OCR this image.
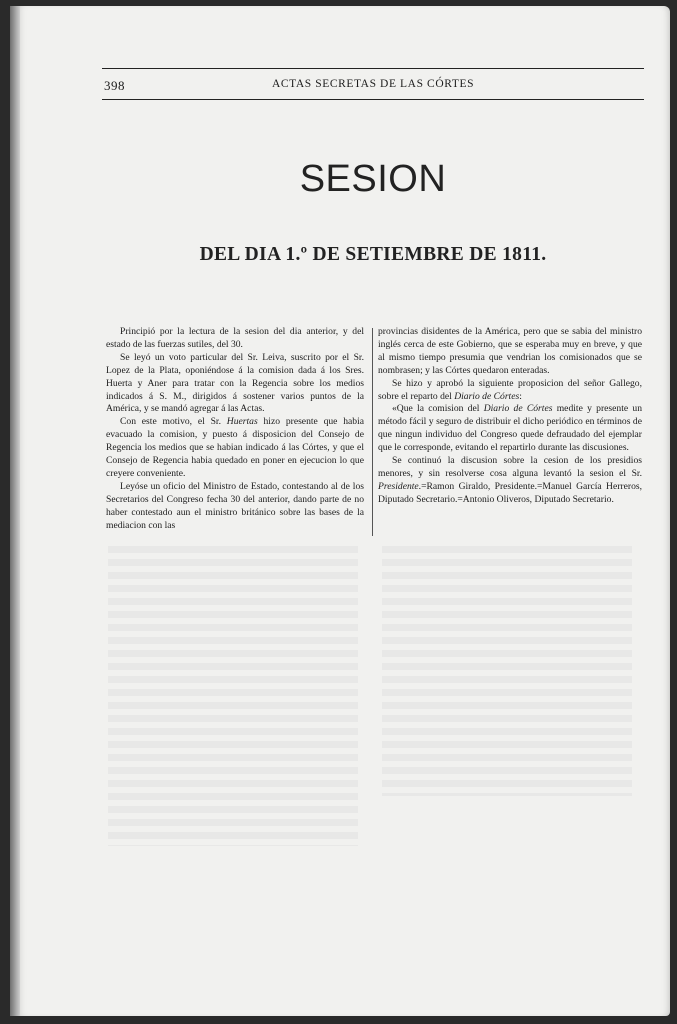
398	ACTAS SECRETAS DE LAS CÓRTES
SESION
DEL DIA 1.º DE SETIEMBRE DE 1811.

Principió por la lectura de la sesion del dia anterior, y del estado de las fuerzas sutiles, del 30.

Se leyó un voto particular del Sr. Leiva, suscrito por el Sr. Lopez de la Plata, oponiéndose á la comision dada á los Sres. Huerta y Aner para tratar con la Regencia sobre los medios indicados á S. M., dirigidos á sostener varios puntos de la América, y se mandó agregar á las Actas.

Con este motivo, el Sr. Huertas hizo presente que habia evacuado la comision, y puesto á disposicion del Consejo de Regencia los medios que se habian indicado á las Córtes, y que el Consejo de Regencia habia quedado en poner en ejecucion lo que creyere conveniente.

Leyóse un oficio del Ministro de Estado, contestando al de los Secretarios del Congreso fecha 30 del anterior, dando parte de no haber contestado aun el ministro británico sobre las bases de la mediacion con las

provincias disidentes de la América, pero que se sabia del ministro inglés cerca de este Gobierno, que se esperaba muy en breve, y que al mismo tiempo presumia que vendrian los comisionados que se nombrasen; y las Córtes quedaron enteradas.

Se hizo y aprobó la siguiente proposicion del señor Gallego, sobre el reparto del Diario de Córtes:

«Que la comision del Diario de Córtes medite y presente un método fácil y seguro de distribuir el dicho periódico en términos de que ningun individuo del Congreso quede defraudado del ejemplar que le corresponde, evitando el repartirlo durante las discusiones.

Se continuó la discusion sobre la cesion de los presidios menores, y sin resolverse cosa alguna levantó la sesion el Sr. Presidente.=Ramon Giraldo, Presidente.=Manuel García Herreros, Diputado Secretario.=Antonio Oliveros, Diputado Secretario.
